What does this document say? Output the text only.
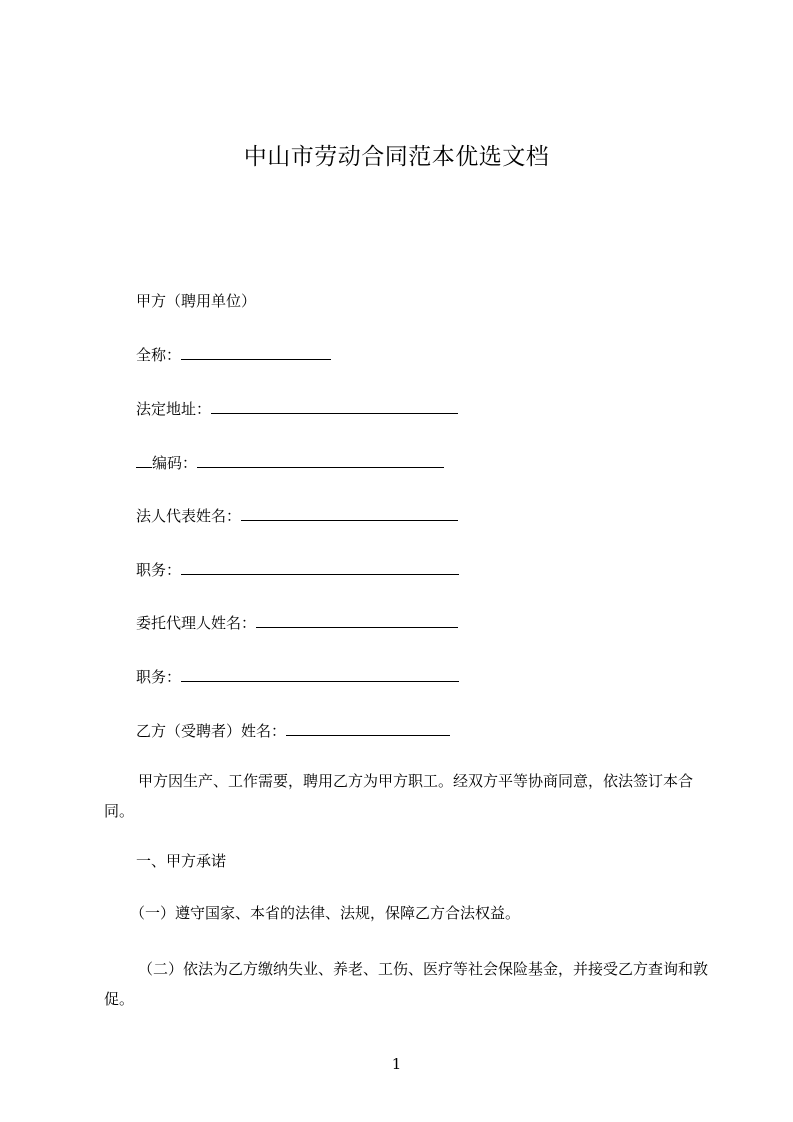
中山市劳动合同范本优选文档
甲方（聘用单位）
全称：
法定地址：
编码：
法人代表姓名：
职务：
委托代理人姓名：
职务：
乙方（受聘者）姓名：
甲方因生产、工作需要，聘用乙方为甲方职工。经双方平等协商同意，依法签订本合同。
一、甲方承诺
（一）遵守国家、本省的法律、法规，保障乙方合法权益。
（二）依法为乙方缴纳失业、养老、工伤、医疗等社会保险基金，并接受乙方查询和敦促。
1
